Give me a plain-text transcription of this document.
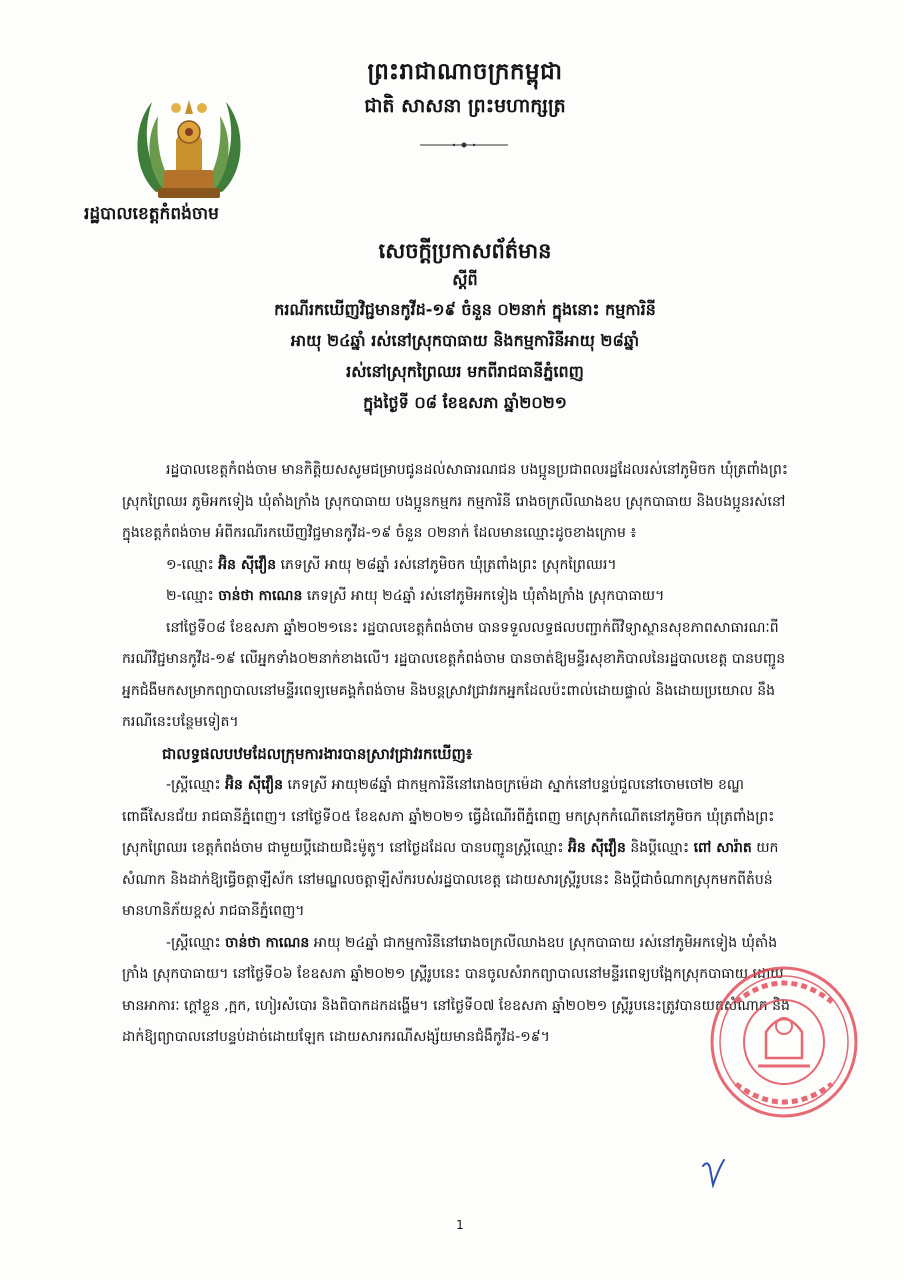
ព្រះរាជាណាចក្រកម្ពុជា
ជាតិ សាសនា ព្រះមហាក្សត្រ
រដ្ឋបាលខេត្តកំពង់ចាម
សេចក្តីប្រកាសព័ត៌មាន
ស្តីពី
ករណីរកឃើញវិជ្ជមានកូវីដ-១៩ ចំនួន ០២នាក់ ក្នុងនោះ កម្មការិនី
អាយុ ២៤ឆ្នាំ រស់នៅស្រុកបាធាយ និងកម្មការិនីអាយុ ២៨ឆ្នាំ
រស់នៅស្រុកព្រៃឈរ មកពីរាជធានីភ្នំពេញ
ក្នុងថ្ងៃទី ០៨ ខែឧសភា ឆ្នាំ២០២១

រដ្ឋបាលខេត្តកំពង់ចាម មានកិត្តិយសសូមជម្រាបជូនដល់សាធារណជន បងប្អូនប្រជាពលរដ្ឋដែលរស់នៅភូមិចក ឃុំត្រពាំងព្រះ ស្រុកព្រៃឈរ ភូមិអកទៀង ឃុំតាំងក្រាំង ស្រុកបាធាយ បងប្អូនកម្មករ កម្មការិនី រោងចក្រលីឈាងឧប ស្រុកបាធាយ និងបងប្អូនរស់នៅក្នុងខេត្តកំពង់ចាម អំពីករណីរកឃើញវិជ្ជមានកូវីដ-១៩ ចំនួន ០២នាក់ ដែលមានឈ្មោះដូចខាងក្រោម ៖

១-ឈ្មោះ អ៊ិន ស៊ីវឿន ភេទស្រី អាយុ ២៨ឆ្នាំ រស់នៅភូមិចក ឃុំត្រពាំងព្រះ ស្រុកព្រៃឈរ។

២-ឈ្មោះ ចាន់ថា កាណេន ភេទស្រី អាយុ ២៤ឆ្នាំ រស់នៅភូមិអកទៀង ឃុំតាំងក្រាំង ស្រុកបាធាយ។

នៅថ្ងៃទី០៨ ខែឧសភា ឆ្នាំ២០២១នេះ រដ្ឋបាលខេត្តកំពង់ចាម បានទទួលលទ្ធផលបញ្ជាក់ពីវិទ្យាស្ថានសុខភាពសាធារណៈពីករណីវិជ្ជមានកូវីដ-១៩ លើអ្នកទាំង០២នាក់ខាងលើ។ រដ្ឋបាលខេត្តកំពង់ចាម បានចាត់ឱ្យមន្ទីរសុខាភិបាលនៃរដ្ឋបាលខេត្ត បានបញ្ជូនអ្នកជំងឺមកសម្រាកព្យាបាលនៅមន្ទីរពេទ្យមេគង្គកំពង់ចាម និងបន្តស្រាវជ្រាវរកអ្នកដែលប៉ះពាល់ដោយផ្ទាល់ និងដោយប្រយោល នឹងករណីនេះបន្ថែមទៀត។

ជាលទ្ធផលបឋមដែលក្រុមការងារបានស្រាវជ្រាវរកឃើញ៖

-ស្ត្រីឈ្មោះ អ៊ិន ស៊ីវឿន ភេទស្រី អាយុ២៨ឆ្នាំ ជាកម្មការិនីនៅរោងចក្រម៉េដា ស្នាក់នៅបន្ទប់ជួលនៅចោមចៅ២ ខណ្ឌពោធិ៍សែនជ័យ រាជធានីភ្នំពេញ។ នៅថ្ងៃទី០៥ ខែឧសភា ឆ្នាំ២០២១ ធ្វើដំណើរពីភ្នំពេញ មកស្រុកកំណើតនៅភូមិចក ឃុំត្រពាំងព្រះ ស្រុកព្រៃឈរ ខេត្តកំពង់ចាម ជាមួយប្តីដោយជិះម៉ូតូ។ នៅថ្ងៃដដែល បានបញ្ជូនស្ត្រីឈ្មោះ អ៊ិន ស៊ីវឿន និងប្តីឈ្មោះ ពៅ សារ៉ាត យកសំណាក និងដាក់ឱ្យធ្វើចត្តាឡីស័ក នៅមណ្ឌលចត្តាឡីស័ករបស់រដ្ឋបាលខេត្ត ដោយសារស្ត្រីរូបនេះ និងប្តីជាចំណាកស្រុកមកពីតំបន់មានហានិភ័យខ្ពស់ រាជធានីភ្នំពេញ។

-ស្ត្រីឈ្មោះ ចាន់ថា កាណេន អាយុ ២៤ឆ្នាំ ជាកម្មការិនីនៅរោងចក្រលីឈាងឧប ស្រុកបាធាយ រស់នៅភូមិអកទៀង ឃុំតាំងក្រាំង ស្រុកបាធាយ។ នៅថ្ងៃទី០៦ ខែឧសភា ឆ្នាំ២០២១ ស្ត្រីរូបនេះ បានចូលសំរាកព្យាបាលនៅមន្ទីរពេទ្យបង្អែកស្រុកបាធាយ ដោយមានអាការៈ ក្តៅខ្លួន ,ក្អក, ហៀរសំបោរ និងពិបាកដកដង្ហើម។ នៅថ្ងៃទី០៧ ខែឧសភា ឆ្នាំ២០២១ ស្ត្រីរូបនេះត្រូវបានយកសំណាក និងដាក់ឱ្យព្យាបាលនៅបន្ទប់ដាច់ដោយឡែក ដោយសារករណីសង្ស័យមានជំងឺកូវីដ-១៩។

1
